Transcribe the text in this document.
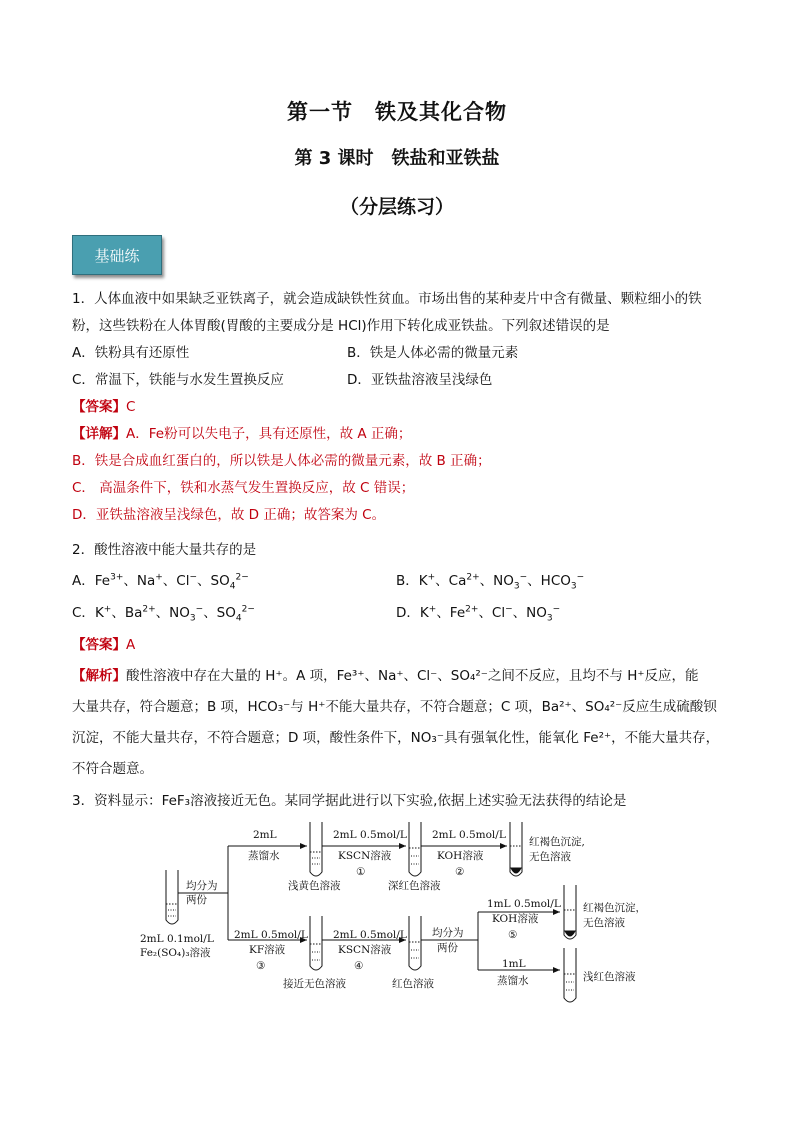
第一节　铁及其化合物
第 3 课时　铁盐和亚铁盐
（分层练习）
基础练
1．人体血液中如果缺乏亚铁离子，就会造成缺铁性贫血。市场出售的某种麦片中含有微量、颗粒细小的铁
粉，这些铁粉在人体胃酸(胃酸的主要成分是 HCl)作用下转化成亚铁盐。下列叙述错误的是
A．铁粉具有还原性	B．铁是人体必需的微量元素
C．常温下，铁能与水发生置换反应	D．亚铁盐溶液呈浅绿色
【答案】C
【详解】A．Fe粉可以失电子，具有还原性，故 A 正确；
B．铁是合成血红蛋白的，所以铁是人体必需的微量元素，故 B 正确；
C． 高温条件下，铁和水蒸气发生置换反应，故 C 错误；
D．亚铁盐溶液呈浅绿色，故 D 正确；故答案为 C。
2．酸性溶液中能大量共存的是
A．$Fe^{3+}$、Na+、Cl−、$SO_4^{2-}$	B．K+、$Ca^{2+}$、$NO_3^-$、$HCO_3^-$
C．K+、$Ba^{2+}$、$NO_3^-$、$SO_4^{2-}$	D．K+、$Fe^{2+}$、Cl−、$NO_3^-$
【答案】A
【解析】酸性溶液中存在大量的 H⁺。A 项，Fe³⁺、Na⁺、Cl⁻、SO₄²⁻之间不反应，且均不与 H⁺反应，能
大量共存，符合题意；B 项，HCO₃⁻与 H⁺不能大量共存，不符合题意；C 项，Ba²⁺、SO₄²⁻反应生成硫酸钡
沉淀，不能大量共存，不符合题意；D 项，酸性条件下，NO₃⁻具有强氧化性，能氧化 Fe²⁺，不能大量共存，
不符合题意。
3．资料显示：FeF₃溶液接近无色。某同学据此进行以下实验,依据上述实验无法获得的结论是
2mL 0.1mol/L
Fe₂(SO₄)₃溶液
均分为
两份
2mL
蒸馏水
2mL 0.5mol/L
KSCN溶液
①
2mL 0.5mol/L
KOH溶液
②
红褐色沉淀,
无色溶液
浅黄色溶液	深红色溶液
2mL 0.5mol/L
KF溶液
③
2mL 0.5mol/L
KSCN溶液
④
接近无色溶液	红色溶液
均分为
两份
1mL 0.5mol/L
KOH溶液
⑤
红褐色沉淀，
无色溶液
1mL
蒸馏水	浅红色溶液
